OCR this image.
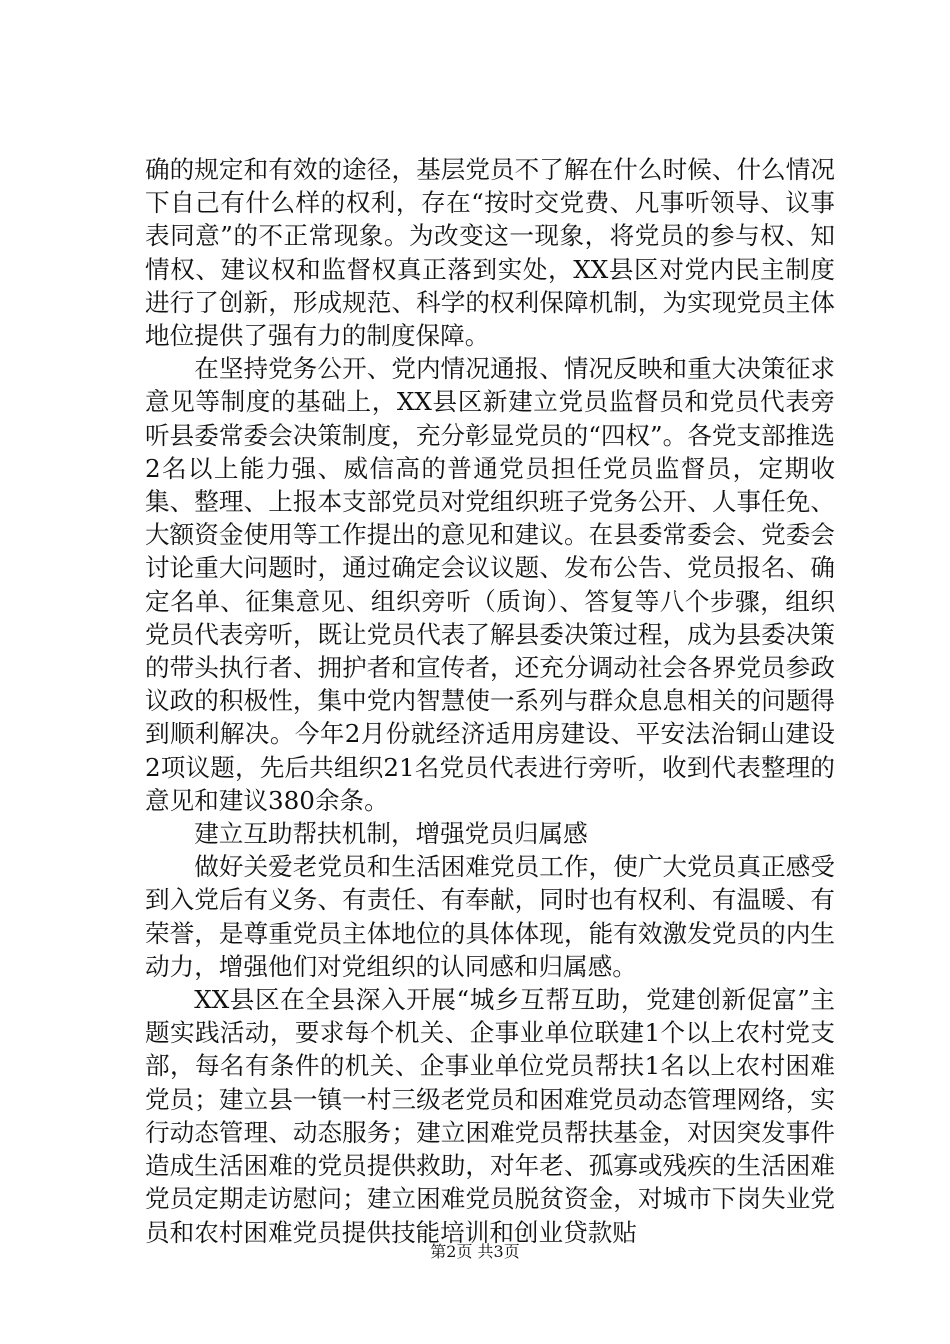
确的规定和有效的途径，基层党员不了解在什么时候、什么情况下自己有什么样的权利，存在“按时交党费、凡事听领导、议事表同意”的不正常现象。为改变这一现象，将党员的参与权、知情权、建议权和监督权真正落到实处，XX县区对党内民主制度进行了创新，形成规范、科学的权利保障机制，为实现党员主体地位提供了强有力的制度保障。

在坚持党务公开、党内情况通报、情况反映和重大决策征求意见等制度的基础上，XX县区新建立党员监督员和党员代表旁听县委常委会决策制度，充分彰显党员的“四权”。各党支部推选2名以上能力强、威信高的普通党员担任党员监督员，定期收集、整理、上报本支部党员对党组织班子党务公开、人事任免、大额资金使用等工作提出的意见和建议。在县委常委会、党委会讨论重大问题时，通过确定会议议题、发布公告、党员报名、确定名单、征集意见、组织旁听（质询）、答复等八个步骤，组织党员代表旁听，既让党员代表了解县委决策过程，成为县委决策的带头执行者、拥护者和宣传者，还充分调动社会各界党员参政议政的积极性，集中党内智慧使一系列与群众息息相关的问题得到顺利解决。今年2月份就经济适用房建设、平安法治铜山建设2项议题，先后共组织21名党员代表进行旁听，收到代表整理的意见和建议380余条。

建立互助帮扶机制，增强党员归属感

做好关爱老党员和生活困难党员工作，使广大党员真正感受到入党后有义务、有责任、有奉献，同时也有权利、有温暖、有荣誉，是尊重党员主体地位的具体体现，能有效激发党员的内生动力，增强他们对党组织的认同感和归属感。

XX县区在全县深入开展“城乡互帮互助，党建创新促富”主题实践活动，要求每个机关、企事业单位联建1个以上农村党支部，每名有条件的机关、企事业单位党员帮扶1名以上农村困难党员；建立县一镇一村三级老党员和困难党员动态管理网络，实行动态管理、动态服务；建立困难党员帮扶基金，对因突发事件造成生活困难的党员提供救助，对年老、孤寡或残疾的生活困难党员定期走访慰问；建立困难党员脱贫资金，对城市下岗失业党员和农村困难党员提供技能培训和创业贷款贴

第2页 共3页
